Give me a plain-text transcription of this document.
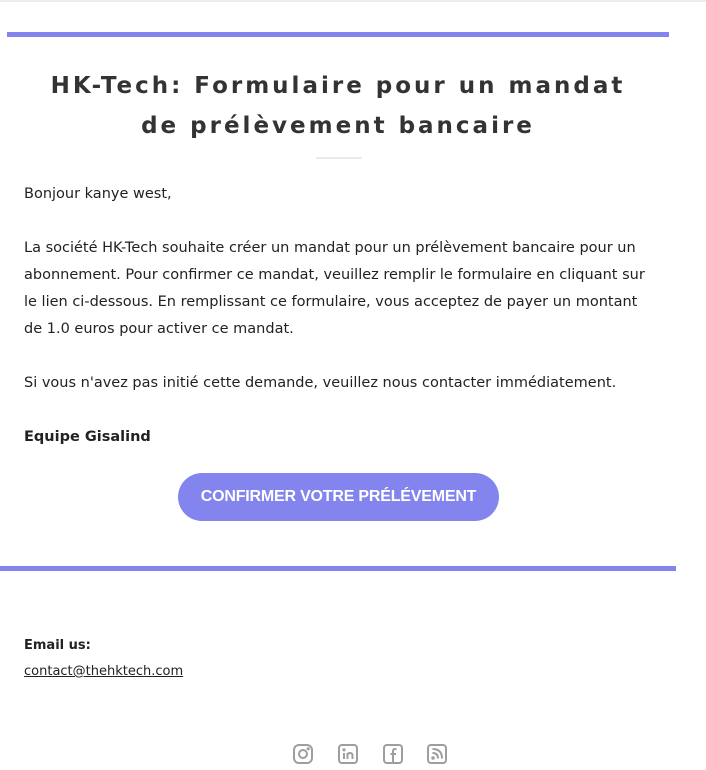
HK-Tech: Formulaire pour un mandat de prélèvement bancaire

Bonjour kanye west,

La société HK-Tech souhaite créer un mandat pour un prélèvement bancaire pour un abonnement. Pour confirmer ce mandat, veuillez remplir le formulaire en cliquant sur le lien ci-dessous. En remplissant ce formulaire, vous acceptez de payer un montant de 1.0 euros pour activer ce mandat.

Si vous n'avez pas initié cette demande, veuillez nous contacter immédiatement.

Equipe Gisalind

CONFIRMER VOTRE PRÉLÉVEMENT
Email us:
contact@thehktech.com
